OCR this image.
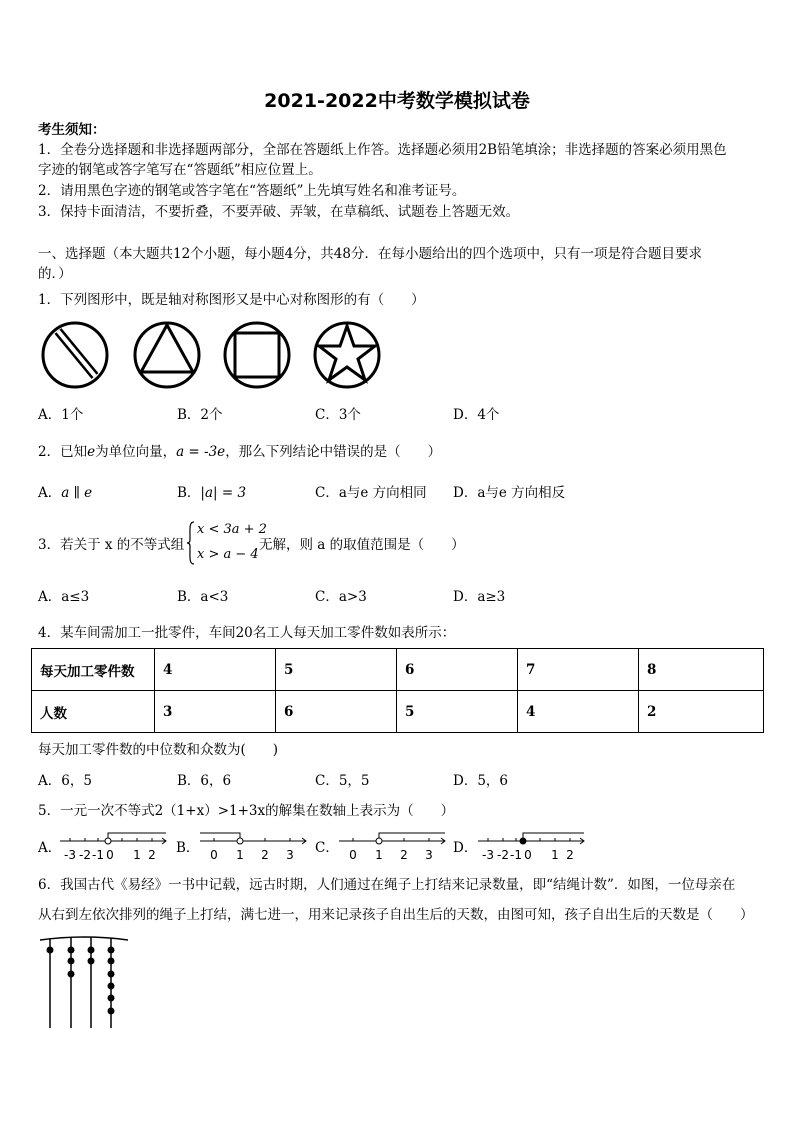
2021-2022中考数学模拟试卷
考生须知：
1．全卷分选择题和非选择题两部分，全部在答题纸上作答。选择题必须用2B铅笔填涂；非选择题的答案必须用黑色
字迹的钢笔或答字笔写在“答题纸”相应位置上。
2．请用黑色字迹的钢笔或答字笔在“答题纸”上先填写姓名和准考证号。
3．保持卡面清洁，不要折叠，不要弄破、弄皱，在草稿纸、试题卷上答题无效。
一、选择题（本大题共12个小题，每小题4分，共48分．在每小题给出的四个选项中，只有一项是符合题目要求
的．）
1．下列图形中，既是轴对称图形又是中心对称图形的有（　　）
A．1个	B．2个	C．3个	D．4个
2．已知e为单位向量，a = -3e，那么下列结论中错误的是（　　）
A．a ∥ e	B．|a| = 3	C．a与e 方向相同 D．a与e 方向相反
3．若关于 x 的不等式组
x < 3a + 2
x > a − 4
无解，则 a 的取值范围是（　　）
A．a≤3	B．a<3	C．a>3	D．a≥3
4．某车间需加工一批零件，车间20名工人每天加工零件数如表所示：
每天加工零件数	4	5	6	7	8
人数	3	6	5	4	2
每天加工零件数的中位数和众数为(　　)
A．6，5	B．6，6	C．5，5	D．5，6
5．一元一次不等式2（1+x）>1+3x的解集在数轴上表示为（　　）
A．	B．	C．	D．
-3 -2 -1 0 1 2	0 1 2 3	0 1 2 3	-3 -2 -1 0 1 2
6．我国古代《易经》一书中记载，远古时期，人们通过在绳子上打结来记录数量，即“结绳计数”．如图，一位母亲在
从右到左依次排列的绳子上打结，满七进一，用来记录孩子自出生后的天数，由图可知，孩子自出生后的天数是（　　）
